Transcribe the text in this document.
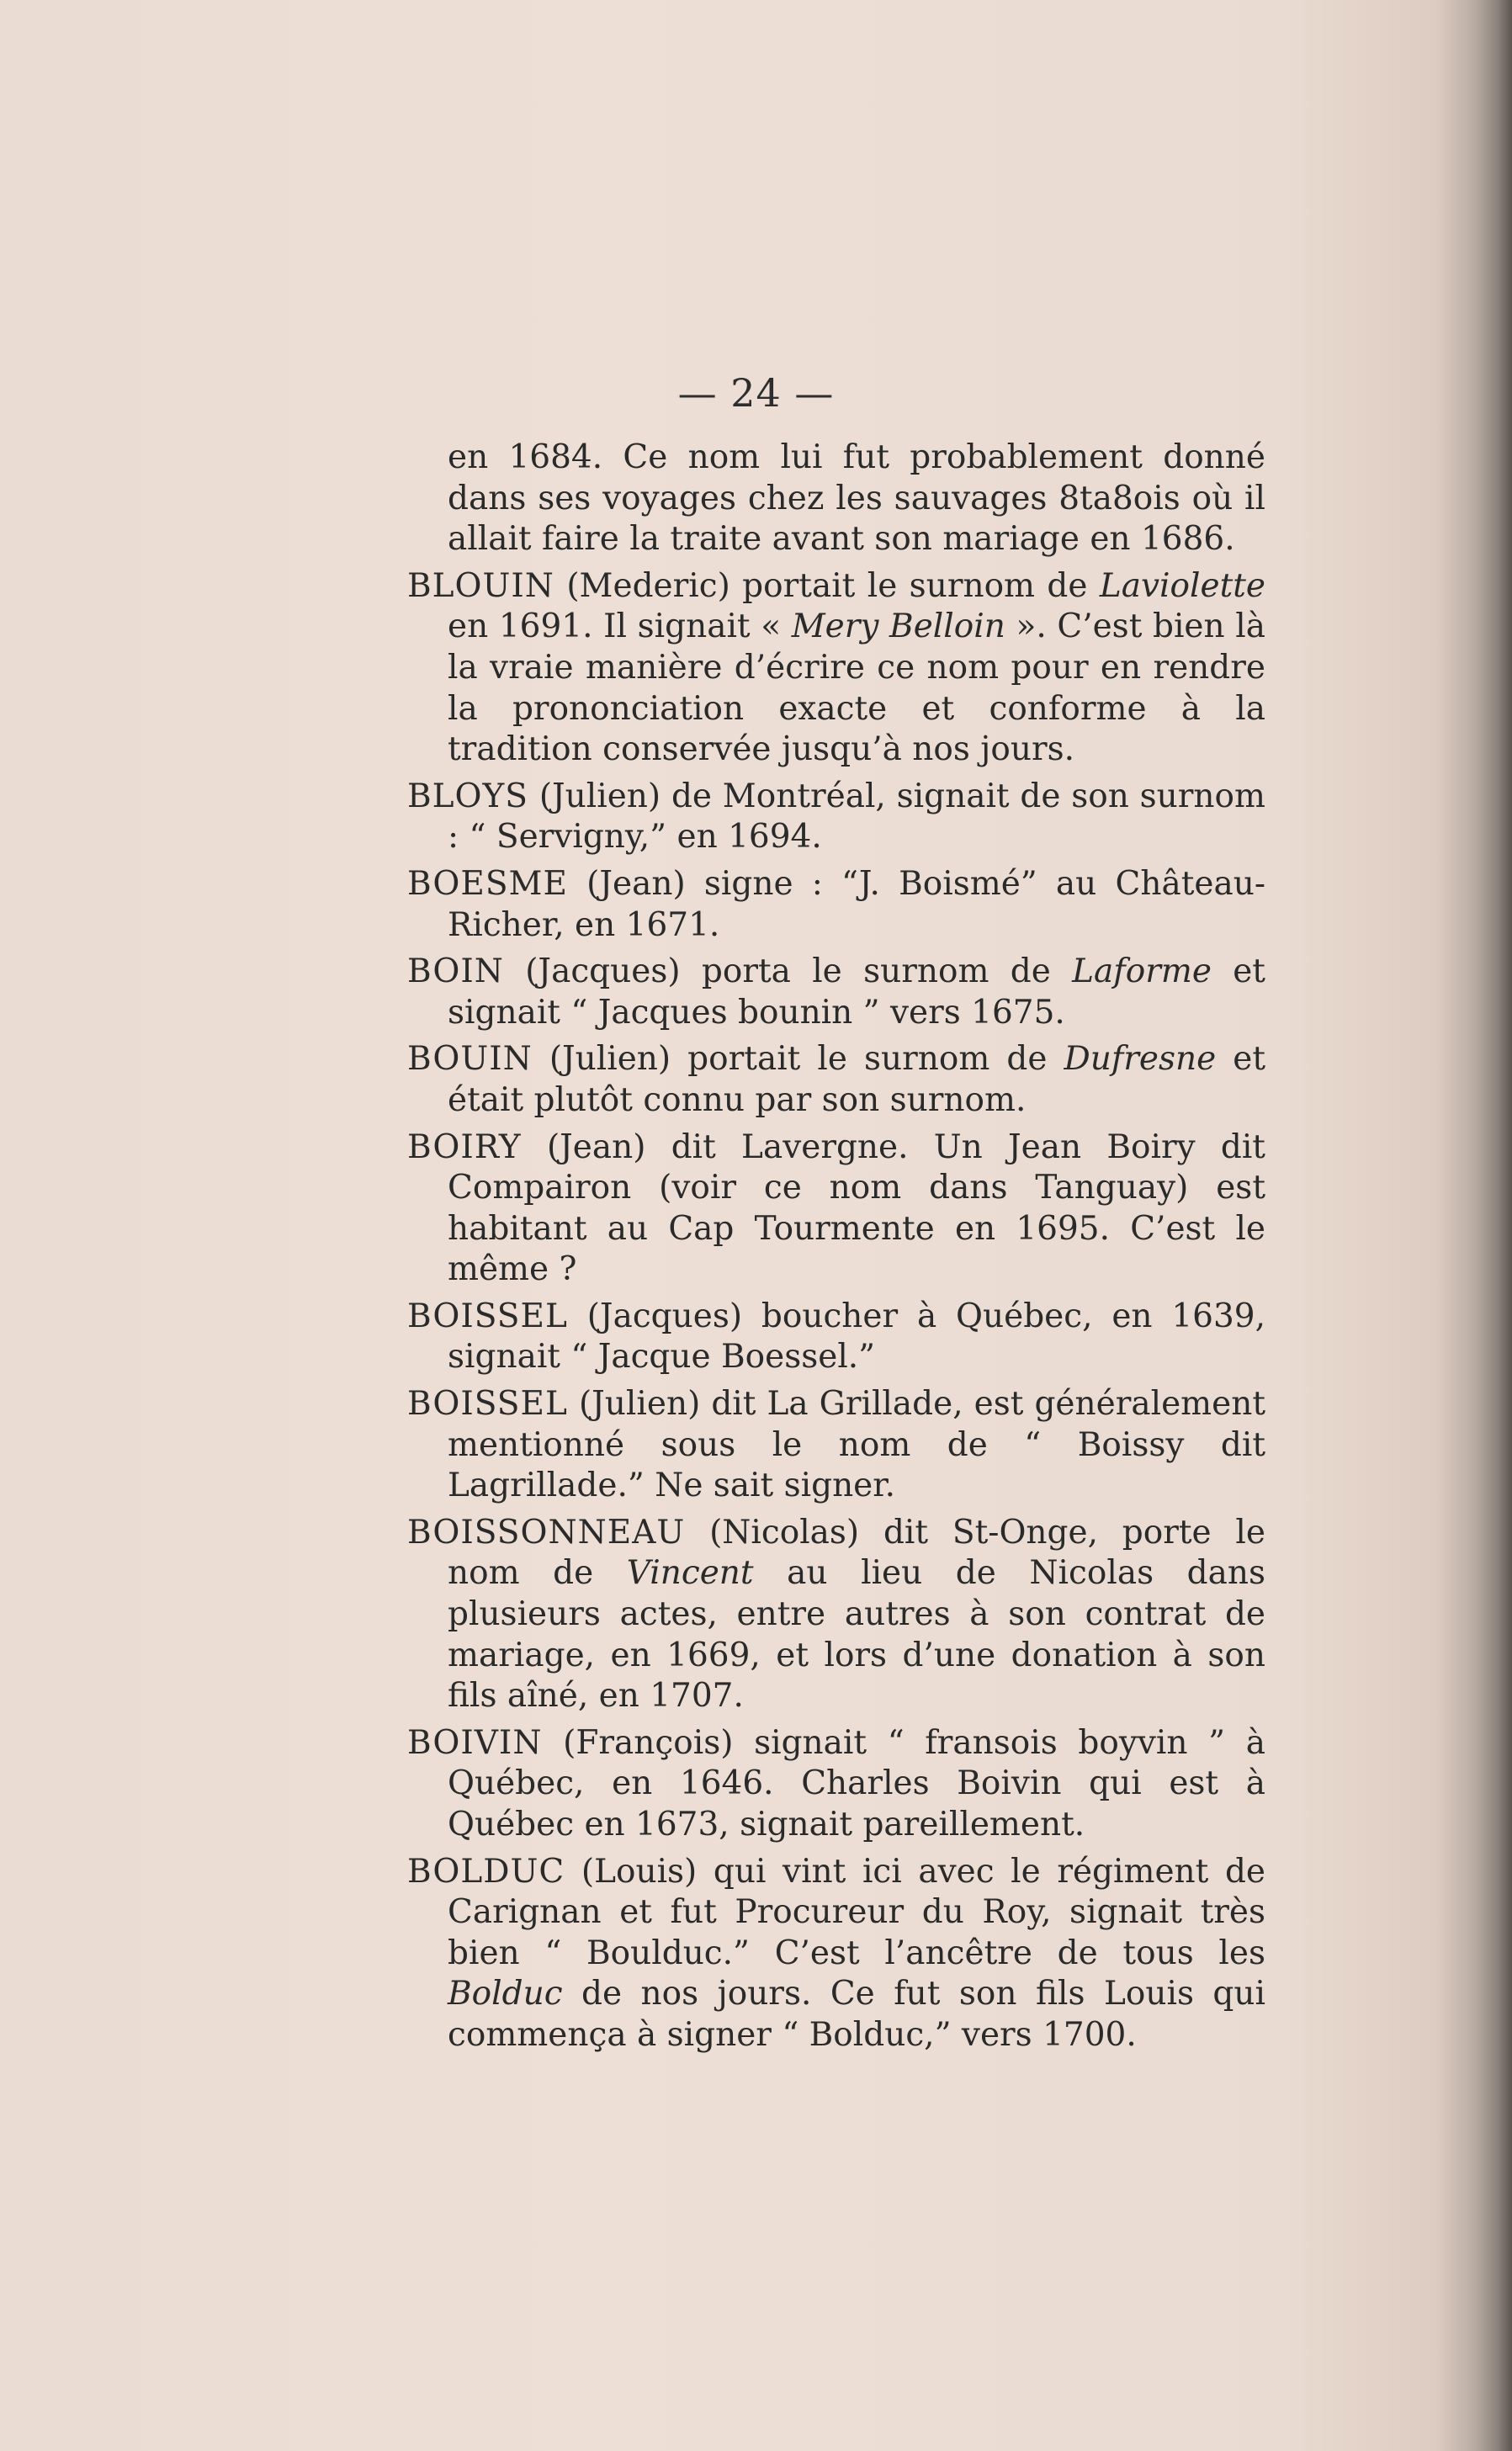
— 24 —

en 1684. Ce nom lui fut probablement donné dans ses voyages chez les sauvages 8ta8ois où il allait faire la traite avant son mariage en 1686.

BLOUIN (Mederic) portait le surnom de Laviolette en 1691. Il signait « Mery Belloin ». C’est bien là la vraie manière d’écrire ce nom pour en rendre la prononciation exacte et conforme à la tradition conservée jusqu’à nos jours.

BLOYS (Julien) de Montréal, signait de son surnom : “ Servigny,” en 1694.

BOESME (Jean) signe : “J. Boismé” au Château-Richer, en 1671.

BOIN (Jacques) porta le surnom de Laforme et signait “ Jacques bounin ” vers 1675.

BOUIN (Julien) portait le surnom de Dufresne et était plutôt connu par son surnom.

BOIRY (Jean) dit Lavergne. Un Jean Boiry dit Compairon (voir ce nom dans Tanguay) est habitant au Cap Tourmente en 1695. C’est le même ?

BOISSEL (Jacques) boucher à Québec, en 1639, signait “ Jacque Boessel.”

BOISSEL (Julien) dit La Grillade, est généralement mentionné sous le nom de “ Boissy dit Lagrillade.” Ne sait signer.

BOISSONNEAU (Nicolas) dit St-Onge, porte le nom de Vincent au lieu de Nicolas dans plusieurs actes, entre autres à son contrat de mariage, en 1669, et lors d’une donation à son fils aîné, en 1707.

BOIVIN (François) signait “ fransois boyvin ” à Québec, en 1646. Charles Boivin qui est à Québec en 1673, signait pareillement.

BOLDUC (Louis) qui vint ici avec le régiment de Carignan et fut Procureur du Roy, signait très bien “ Boulduc.” C’est l’ancêtre de tous les Bolduc de nos jours. Ce fut son fils Louis qui commença à signer “ Bolduc,” vers 1700.
